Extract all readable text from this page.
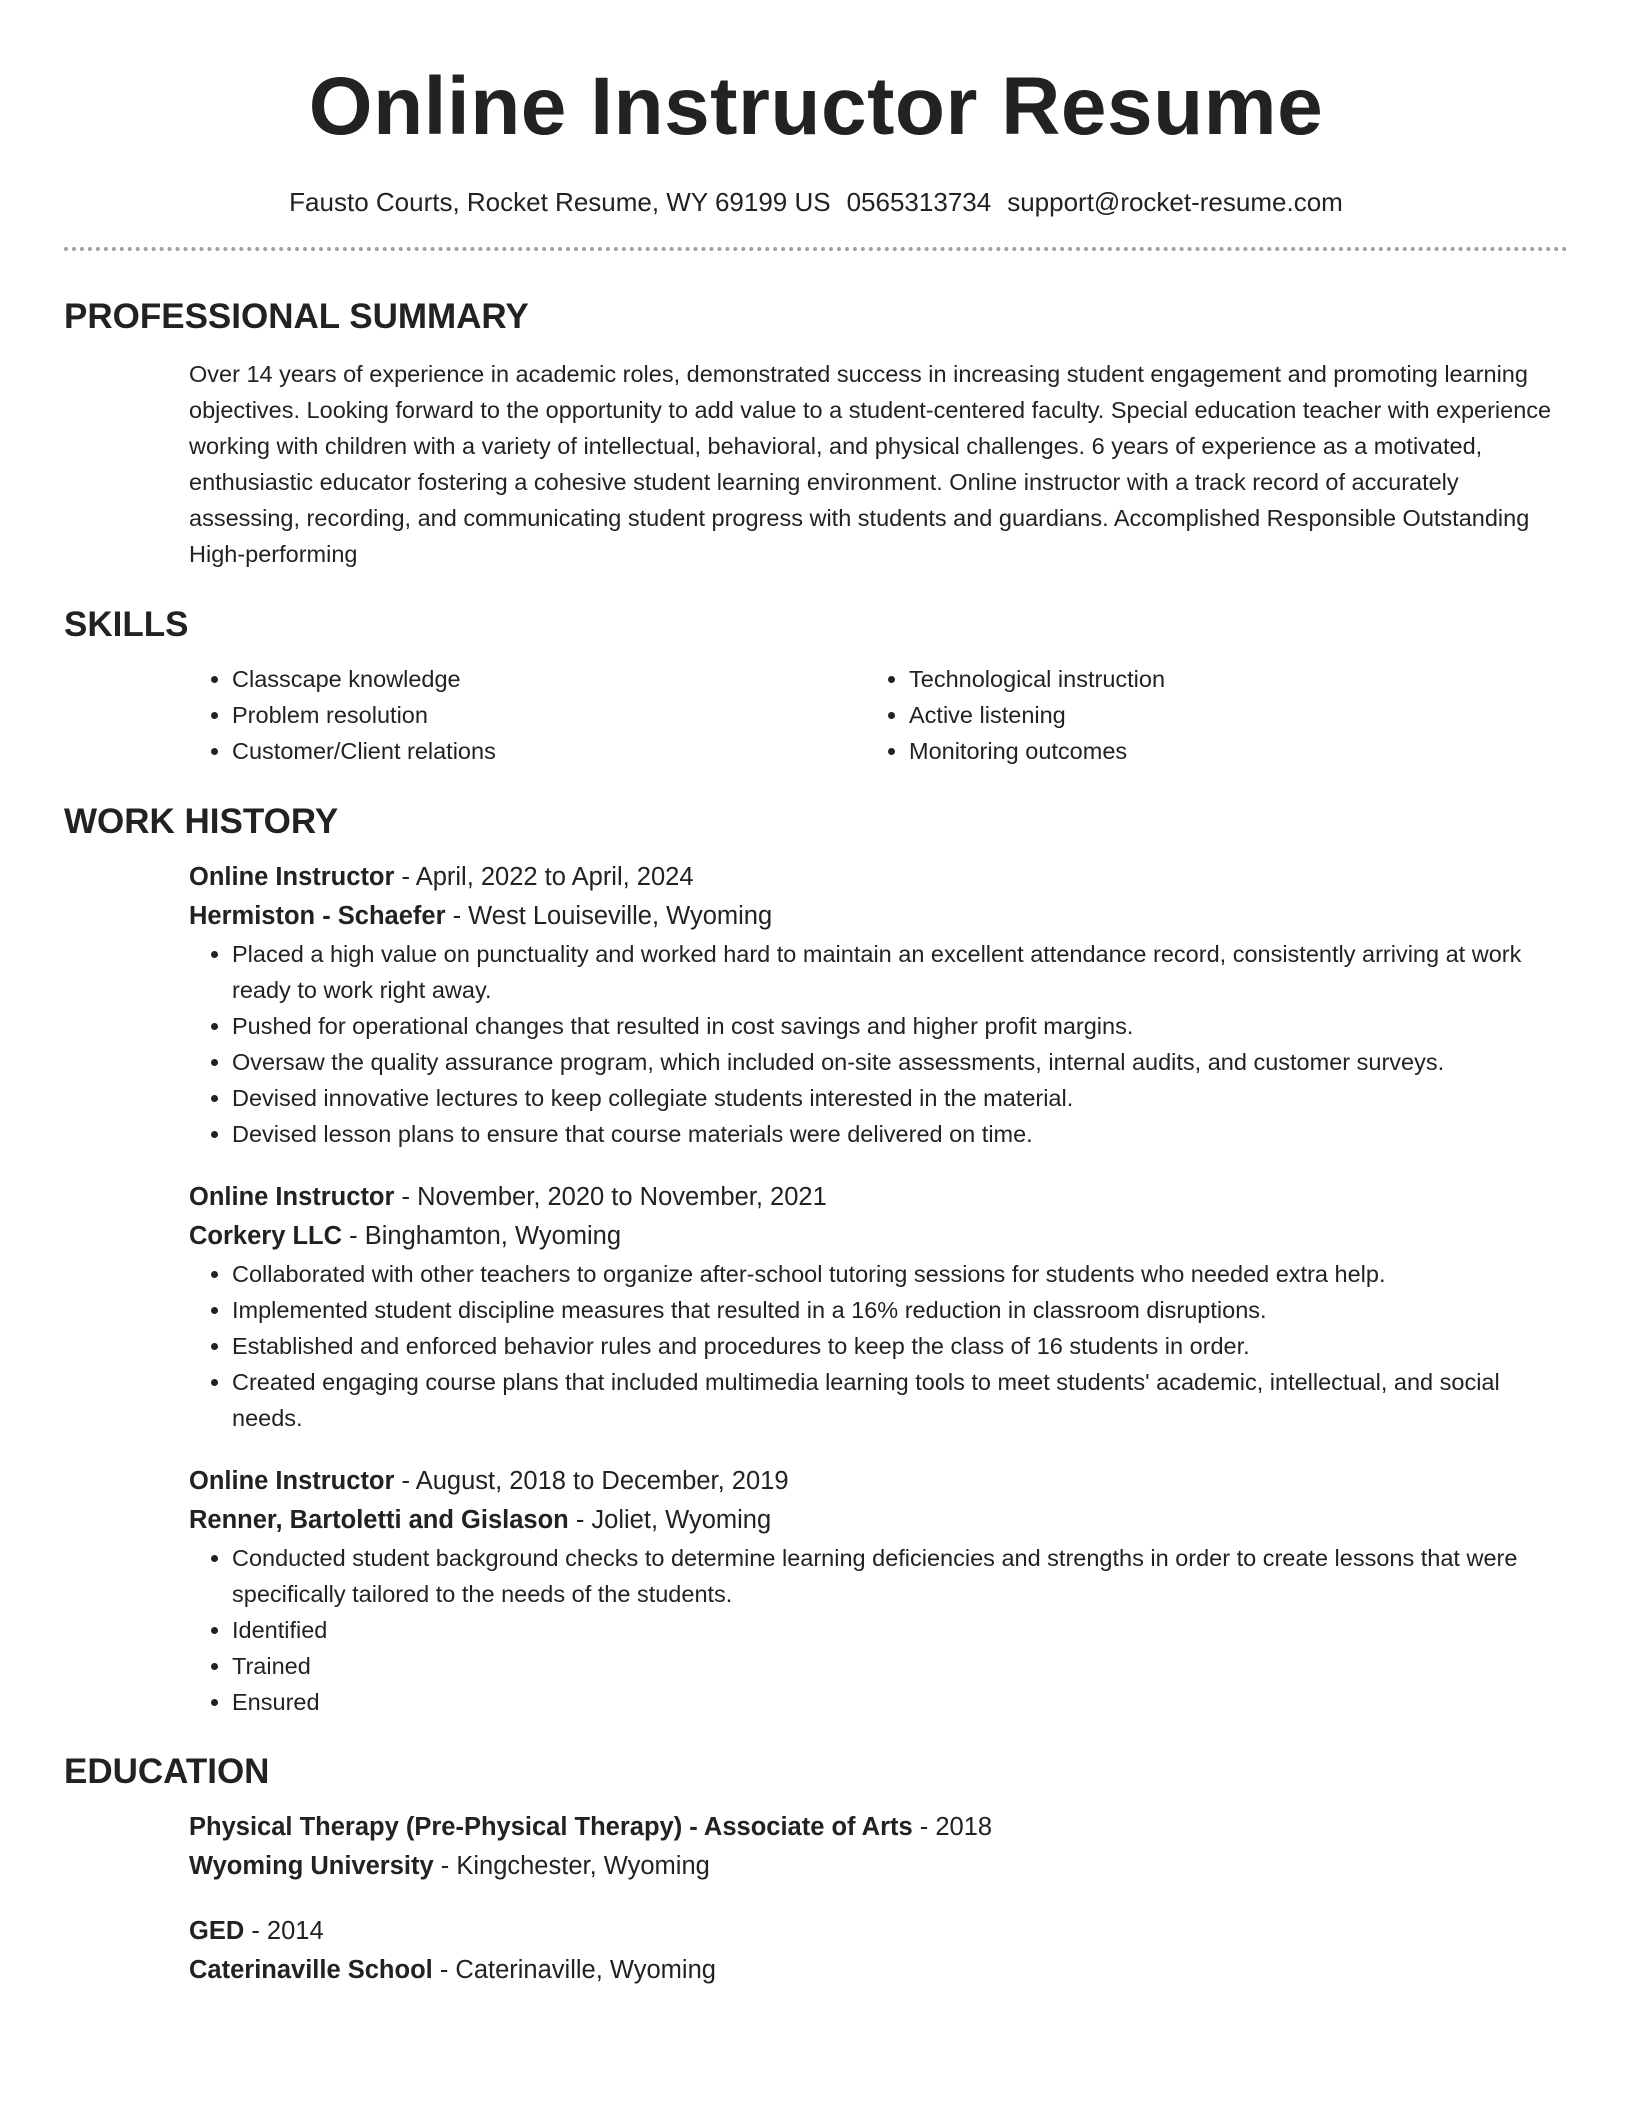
Online Instructor Resume
Fausto Courts, Rocket Resume, WY 69199 US 0565313734 support@rocket-resume.com
PROFESSIONAL SUMMARY
Over 14 years of experience in academic roles, demonstrated success in increasing student engagement and promoting learning objectives. Looking forward to the opportunity to add value to a student-centered faculty. Special education teacher with experience working with children with a variety of intellectual, behavioral, and physical challenges. 6 years of experience as a motivated, enthusiastic educator fostering a cohesive student learning environment. Online instructor with a track record of accurately assessing, recording, and communicating student progress with students and guardians. Accomplished Responsible Outstanding High-performing
SKILLS
• Classcape knowledge
• Problem resolution
• Customer/Client relations
• Technological instruction
• Active listening
• Monitoring outcomes
WORK HISTORY
Online Instructor - April, 2022 to April, 2024
Hermiston - Schaefer - West Louiseville, Wyoming
• Placed a high value on punctuality and worked hard to maintain an excellent attendance record, consistently arriving at work ready to work right away.
• Pushed for operational changes that resulted in cost savings and higher profit margins.
• Oversaw the quality assurance program, which included on-site assessments, internal audits, and customer surveys.
• Devised innovative lectures to keep collegiate students interested in the material.
• Devised lesson plans to ensure that course materials were delivered on time.
Online Instructor - November, 2020 to November, 2021
Corkery LLC - Binghamton, Wyoming
• Collaborated with other teachers to organize after-school tutoring sessions for students who needed extra help.
• Implemented student discipline measures that resulted in a 16% reduction in classroom disruptions.
• Established and enforced behavior rules and procedures to keep the class of 16 students in order.
• Created engaging course plans that included multimedia learning tools to meet students' academic, intellectual, and social needs.
Online Instructor - August, 2018 to December, 2019
Renner, Bartoletti and Gislason - Joliet, Wyoming
• Conducted student background checks to determine learning deficiencies and strengths in order to create lessons that were specifically tailored to the needs of the students.
• Identified
• Trained
• Ensured
EDUCATION
Physical Therapy (Pre-Physical Therapy) - Associate of Arts - 2018
Wyoming University - Kingchester, Wyoming
GED - 2014
Caterinaville School - Caterinaville, Wyoming
